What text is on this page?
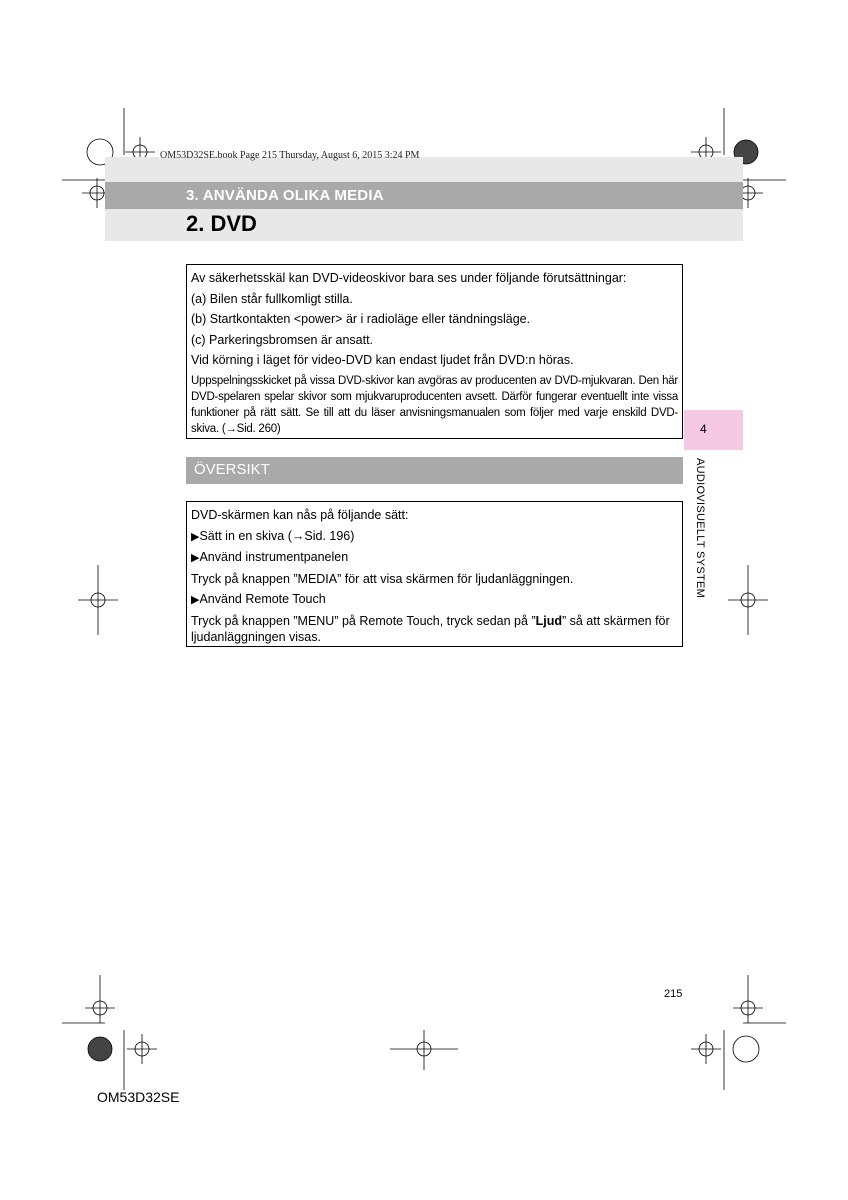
OM53D32SE.book Page 215 Thursday, August 6, 2015 3:24 PM
3. ANVÄNDA OLIKA MEDIA
2. DVD

Av säkerhetsskäl kan DVD-videoskivor bara ses under följande förutsättningar:

(a) Bilen står fullkomligt stilla.

(b) Startkontakten <power> är i radioläge eller tändningsläge.

(c) Parkeringsbromsen är ansatt.

Vid körning i läget för video-DVD kan endast ljudet från DVD:n höras.

Uppspelningsskicket på vissa DVD-skivor kan avgöras av producenten av DVD-mjukvaran. Den här DVD-spelaren spelar skivor som mjukvaruproducenten avsett. Därför fungerar eventuellt inte vissa funktioner på rätt sätt. Se till att du läser anvisningsmanualen som följer med varje enskild DVD-skiva. (→Sid. 260)

ÖVERSIKT

DVD-skärmen kan nås på följande sätt:

▶Sätt in en skiva (→Sid. 196)

▶Använd instrumentpanelen

Tryck på knappen ”MEDIA” för att visa skärmen för ljudanläggningen.

▶Använd Remote Touch

Tryck på knappen ”MENU” på Remote Touch, tryck sedan på ”Ljud” så att skärmen för ljudanläggningen visas.

4
AUDIOVISUELLT SYSTEM
215
OM53D32SE
